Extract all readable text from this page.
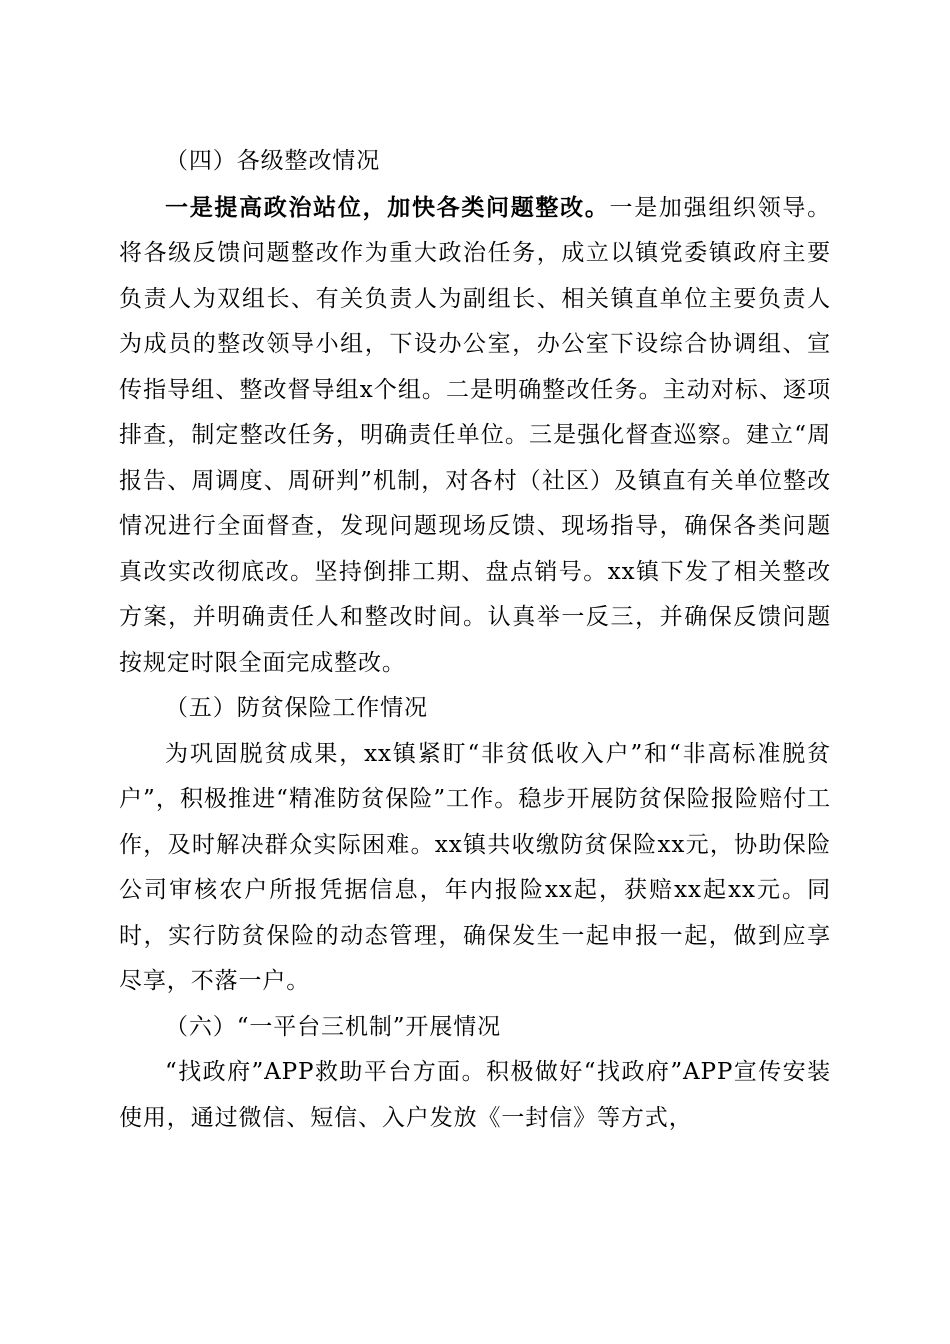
（四）各级整改情况

一是提高政治站位，加快各类问题整改。一是加强组织领导。将各级反馈问题整改作为重大政治任务，成立以镇党委镇政府主要负责人为双组长、有关负责人为副组长、相关镇直单位主要负责人为成员的整改领导小组，下设办公室，办公室下设综合协调组、宣传指导组、整改督导组x个组。二是明确整改任务。主动对标、逐项排查，制定整改任务，明确责任单位。三是强化督查巡察。建立“周报告、周调度、周研判”机制，对各村（社区）及镇直有关单位整改情况进行全面督查，发现问题现场反馈、现场指导，确保各类问题真改实改彻底改。坚持倒排工期、盘点销号。xx镇下发了相关整改方案，并明确责任人和整改时间。认真举一反三，并确保反馈问题按规定时限全面完成整改。

（五）防贫保险工作情况

为巩固脱贫成果，xx镇紧盯“非贫低收入户”和“非高标准脱贫户”，积极推进“精准防贫保险”工作。稳步开展防贫保险报险赔付工作，及时解决群众实际困难。xx镇共收缴防贫保险xx元，协助保险公司审核农户所报凭据信息，年内报险xx起，获赔xx起xx元。同时，实行防贫保险的动态管理，确保发生一起申报一起，做到应享尽享，不落一户。

（六）“一平台三机制”开展情况

“找政府”APP救助平台方面。积极做好“找政府”APP宣传安装使用，通过微信、短信、入户发放《一封信》等方式，
